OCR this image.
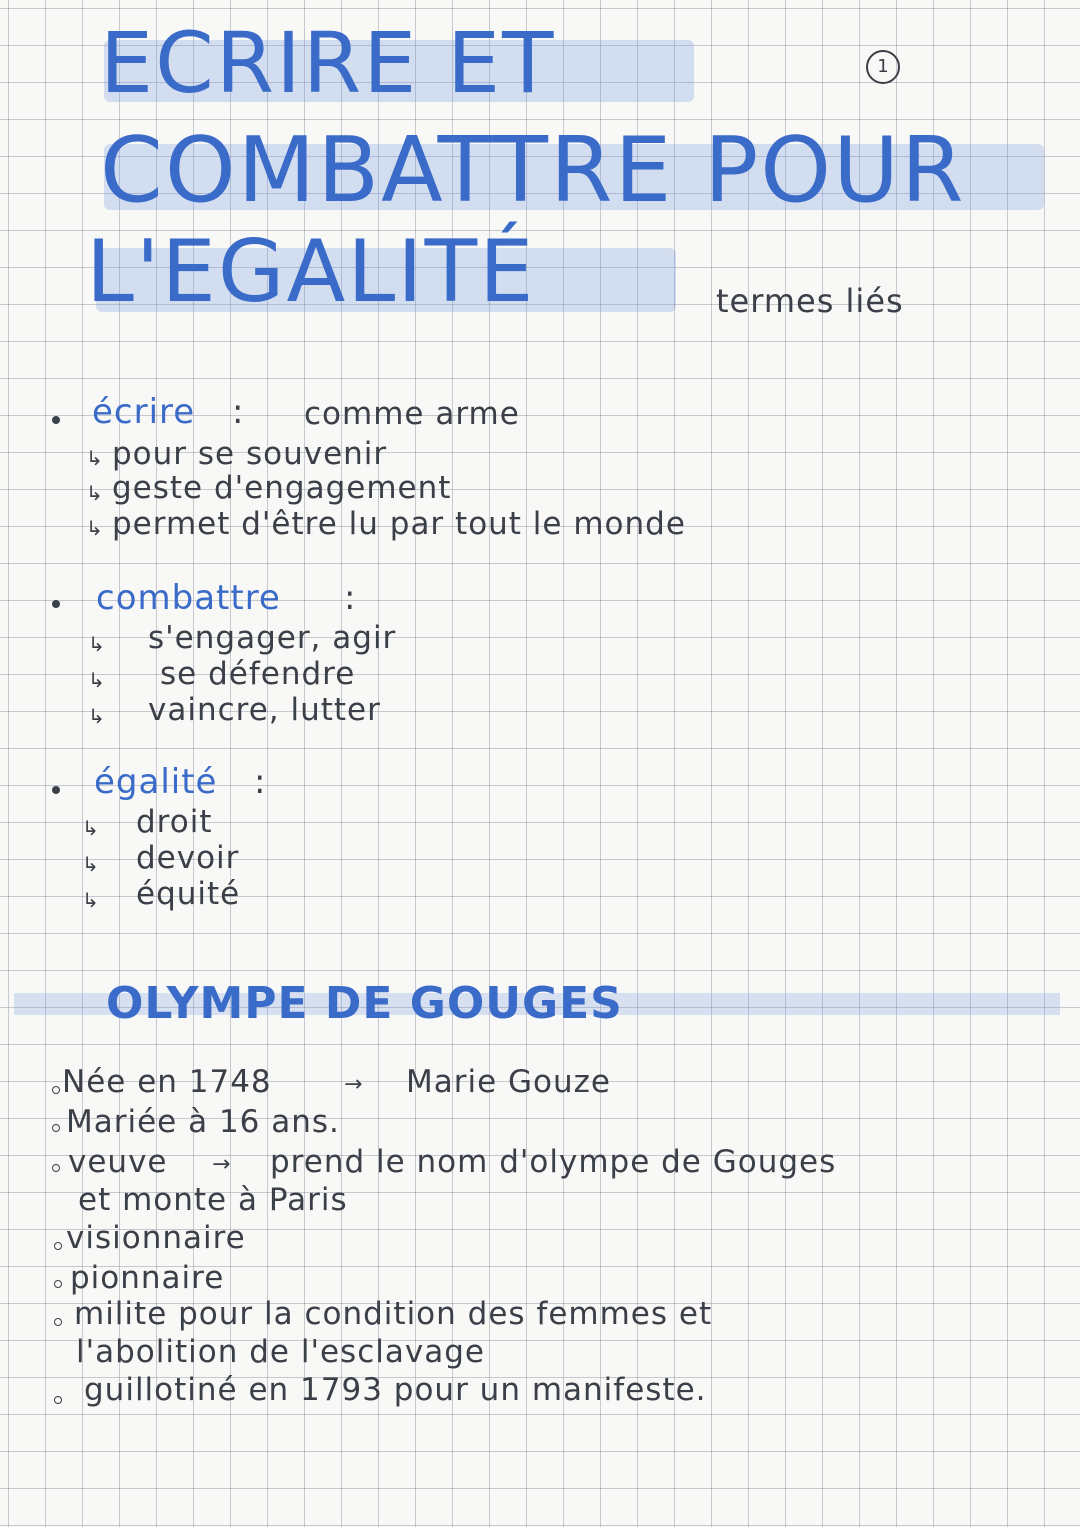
ECRIRE ET
COMBATTRE POUR
L'EGALITÉ
1
termes liés
écrire : comme arme
↳ pour se souvenir
↳ geste d'engagement
↳ permet d'être lu par tout le monde
combattre :
↳ s'engager, agir
↳ se défendre
↳ vaincre, lutter
égalité :
↳ droit
↳ devoir
↳ équité
OLYMPE DE GOUGES
Née en 1748	→ Marie Gouze
Mariée à 16 ans.
veuve → prend le nom d'olympe de Gouges
et monte à Paris
visionnaire
pionnaire
milite pour la condition des femmes et
l'abolition de l'esclavage
guillotiné en 1793 pour un manifeste.
